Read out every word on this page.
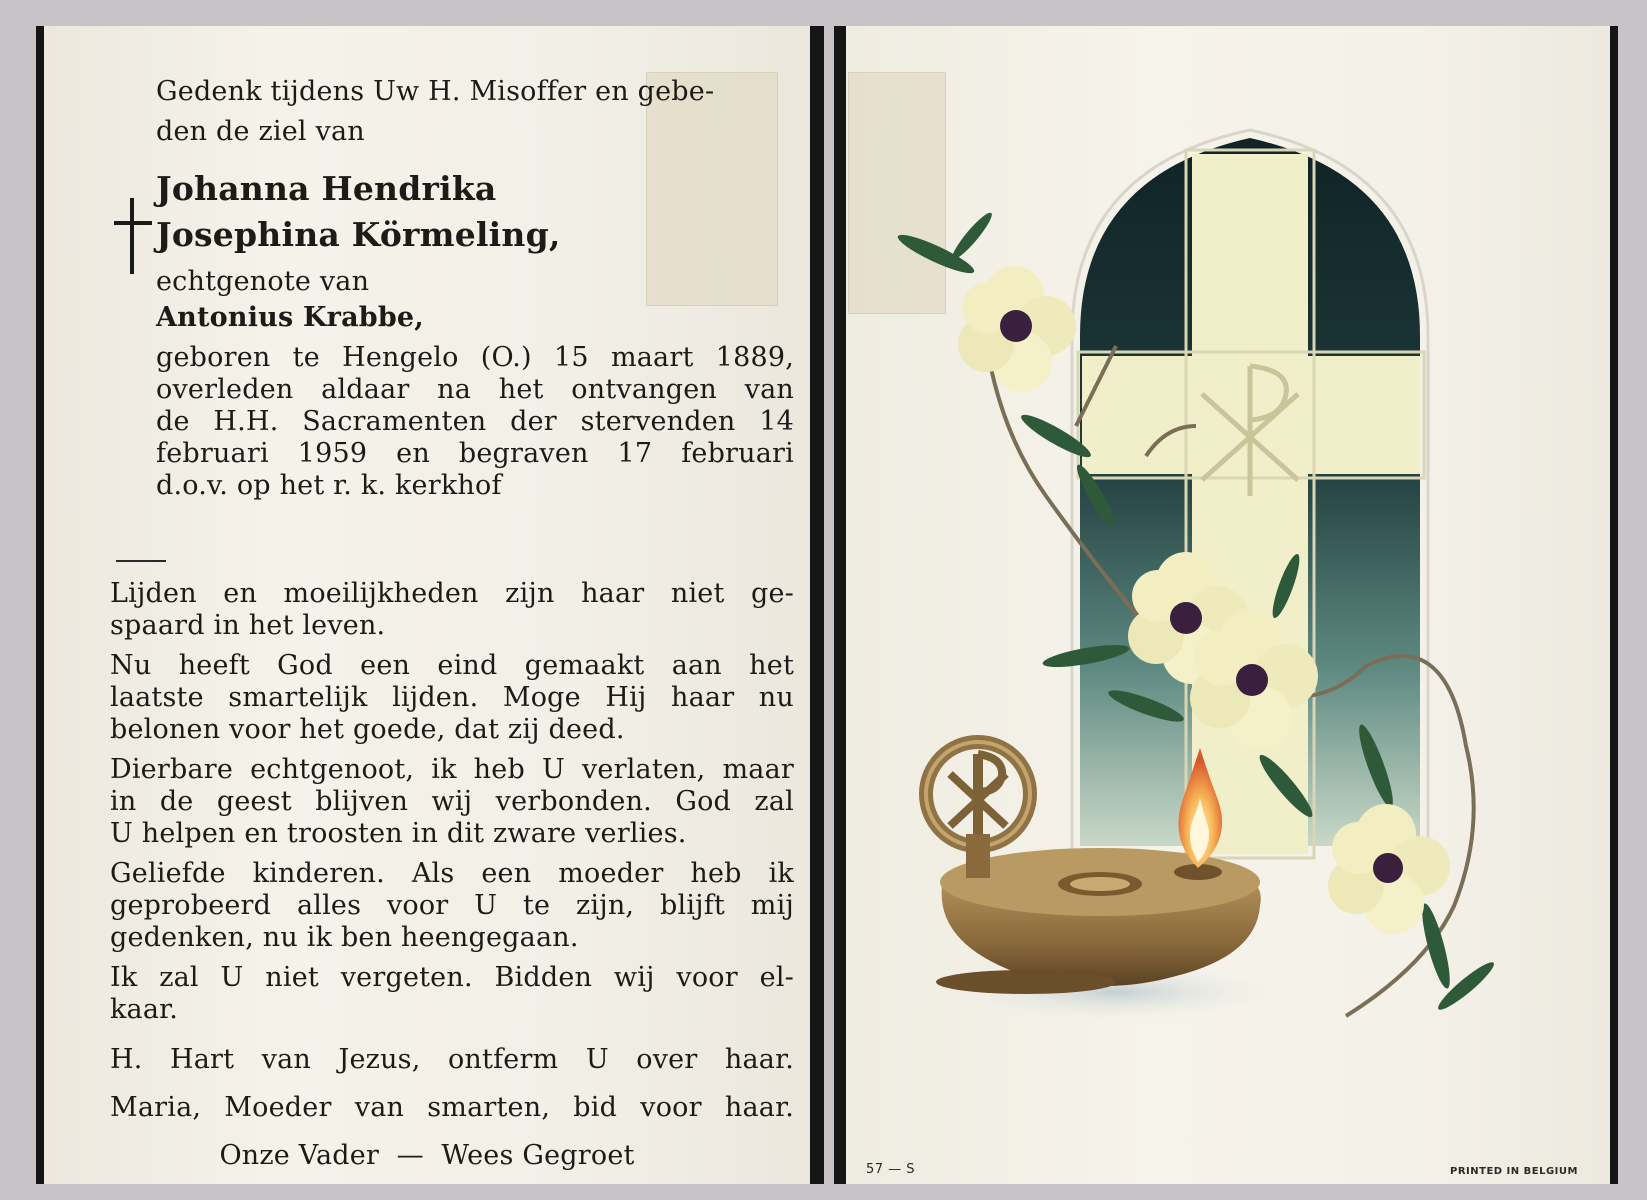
Gedenk tijdens Uw H. Misoffer en gebe-
den de ziel van
Johanna Hendrika
Josephina Körmeling,
echtgenote van
Antonius Krabbe,
geboren te Hengelo (O.) 15 maart 1889,
overleden aldaar na het ontvangen van
de H.H. Sacramenten der stervenden 14
februari 1959 en begraven 17 februari
d.o.v. op het r. k. kerkhof
Lijden en moeilijkheden zijn haar niet ge-
spaard in het leven.
Nu heeft God een eind gemaakt aan het
laatste smartelijk lijden. Moge Hij haar nu
belonen voor het goede, dat zij deed.
Dierbare echtgenoot, ik heb U verlaten, maar
in de geest blijven wij verbonden. God zal
U helpen en troosten in dit zware verlies.
Geliefde kinderen. Als een moeder heb ik
geprobeerd alles voor U te zijn, blijft mij
gedenken, nu ik ben heengegaan.
Ik zal U niet vergeten. Bidden wij voor el-
kaar.
H. Hart van Jezus, ontferm U over haar.
Maria, Moeder van smarten, bid voor haar.
Onze Vader  —  Wees Gegroet	57 — S	PRINTED IN BELGIUM
